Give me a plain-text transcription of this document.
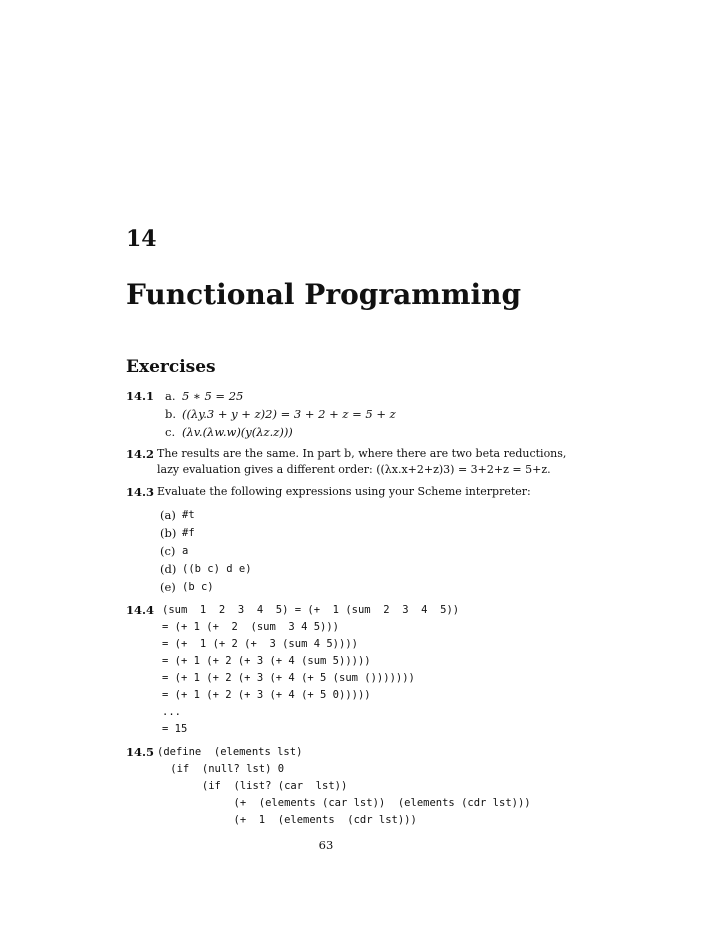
14
Functional Programming
Exercises
14.1 a. 5 ∗ 5 = 25
b. ((λy.3 + y + z)2) = 3 + 2 + z = 5 + z
c. (λv.(λw.w)(y(λz.z)))
14.2 The results are the same. In part b, where there are two beta reductions,
lazy evaluation gives a different order: ((λx.x+2+z)3) = 3+2+z = 5+z.
14.3 Evaluate the following expressions using your Scheme interpreter:
(a) #t
(b) #f
(c) a
(d) ((b c) d e)
(e) (b c)
14.4 (sum  1  2  3  4  5) = (+  1 (sum  2  3  4  5))
= (+ 1 (+  2  (sum  3 4 5)))
= (+  1 (+ 2 (+  3 (sum 4 5))))
= (+ 1 (+ 2 (+ 3 (+ 4 (sum 5)))))
= (+ 1 (+ 2 (+ 3 (+ 4 (+ 5 (sum ()))))))
= (+ 1 (+ 2 (+ 3 (+ 4 (+ 5 0)))))
...
= 15
14.5 (define  (elements lst)
(if  (null? lst) 0
(if  (list? (car  lst))
(+  (elements (car lst))  (elements (cdr lst)))
(+  1  (elements  (cdr lst)))
63
